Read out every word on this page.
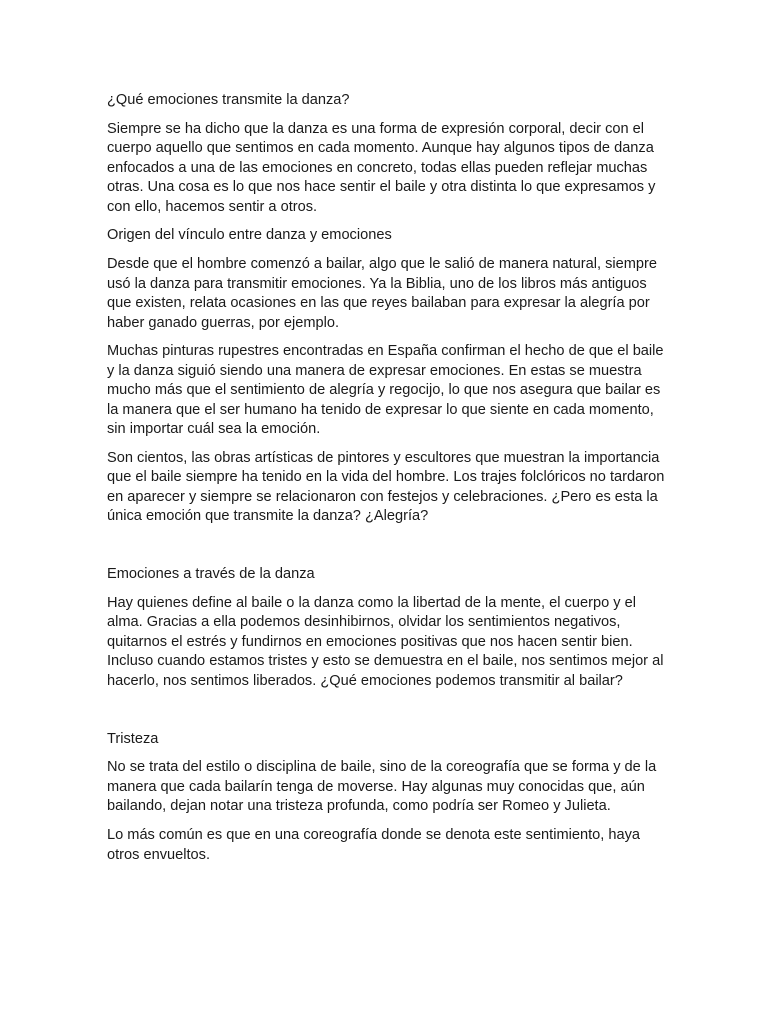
¿Qué emociones transmite la danza?

Siempre se ha dicho que la danza es una forma de expresión corporal, decir con el cuerpo aquello que sentimos en cada momento. Aunque hay algunos tipos de danza enfocados a una de las emociones en concreto, todas ellas pueden reflejar muchas otras. Una cosa es lo que nos hace sentir el baile y otra distinta lo que expresamos y con ello, hacemos sentir a otros.

Origen del vínculo entre danza y emociones

Desde que el hombre comenzó a bailar, algo que le salió de manera natural, siempre usó la danza para transmitir emociones. Ya la Biblia, uno de los libros más antiguos que existen, relata ocasiones en las que reyes bailaban para expresar la alegría por haber ganado guerras, por ejemplo.

Muchas pinturas rupestres encontradas en España confirman el hecho de que el baile y la danza siguió siendo una manera de expresar emociones. En estas se muestra mucho más que el sentimiento de alegría y regocijo, lo que nos asegura que bailar es la manera que el ser humano ha tenido de expresar lo que siente en cada momento, sin importar cuál sea la emoción.

Son cientos, las obras artísticas de pintores y escultores que muestran la importancia que el baile siempre ha tenido en la vida del hombre. Los trajes folclóricos no tardaron en aparecer y siempre se relacionaron con festejos y celebraciones. ¿Pero es esta la única emoción que transmite la danza? ¿Alegría?

Emociones a través de la danza

Hay quienes define al baile o la danza como la libertad de la mente, el cuerpo y el alma. Gracias a ella podemos desinhibirnos, olvidar los sentimientos negativos, quitarnos el estrés y fundirnos en emociones positivas que nos hacen sentir bien. Incluso cuando estamos tristes y esto se demuestra en el baile, nos sentimos mejor al hacerlo, nos sentimos liberados. ¿Qué emociones podemos transmitir al bailar?

Tristeza

No se trata del estilo o disciplina de baile, sino de la coreografía que se forma y de la manera que cada bailarín tenga de moverse. Hay algunas muy conocidas que, aún bailando, dejan notar una tristeza profunda, como podría ser Romeo y Julieta.

Lo más común es que en una coreografía donde se denota este sentimiento, haya otros envueltos.
